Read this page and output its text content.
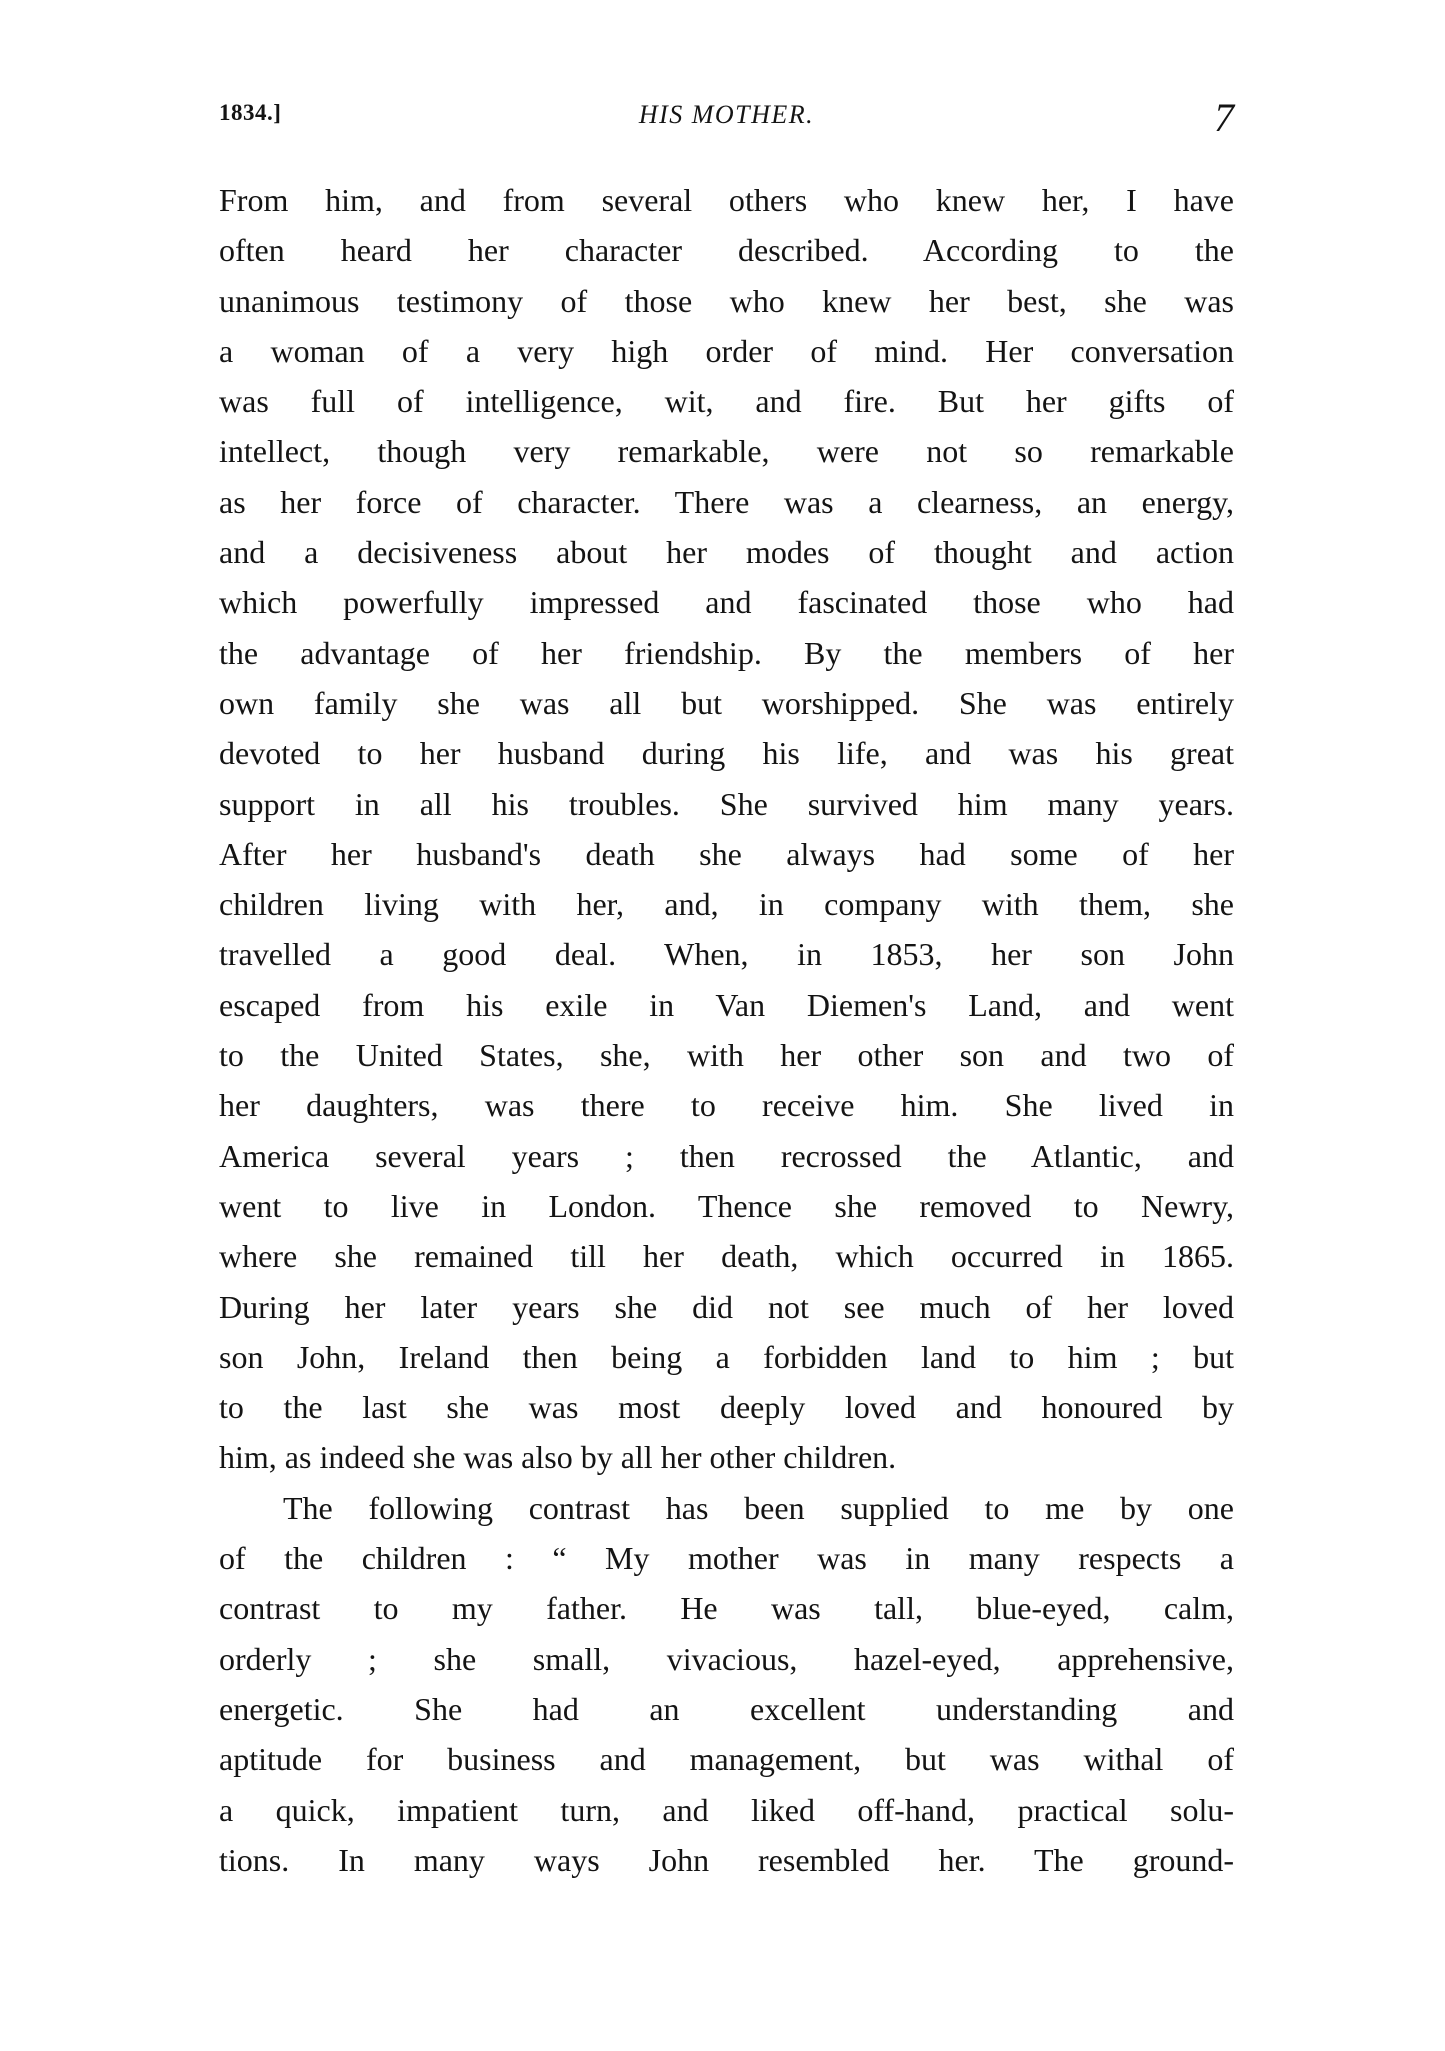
1834.]	HIS MOTHER.	7
From him, and from several others who knew her, I have
often heard her character described. According to the
unanimous testimony of those who knew her best, she was
a woman of a very high order of mind. Her conversation
was full of intelligence, wit, and fire. But her gifts of
intellect, though very remarkable, were not so remarkable
as her force of character. There was a clearness, an energy,
and a decisiveness about her modes of thought and action
which powerfully impressed and fascinated those who had
the advantage of her friendship. By the members of her
own family she was all but worshipped. She was entirely
devoted to her husband during his life, and was his great
support in all his troubles. She survived him many years.
After her husband's death she always had some of her
children living with her, and, in company with them, she
travelled a good deal. When, in 1853, her son John
escaped from his exile in Van Diemen's Land, and went
to the United States, she, with her other son and two of
her daughters, was there to receive him. She lived in
America several years ; then recrossed the Atlantic, and
went to live in London. Thence she removed to Newry,
where she remained till her death, which occurred in 1865.
During her later years she did not see much of her loved
son John, Ireland then being a forbidden land to him ; but
to the last she was most deeply loved and honoured by
him, as indeed she was also by all her other children.
The following contrast has been supplied to me by one
of the children : “ My mother was in many respects a
contrast to my father. He was tall, blue-eyed, calm,
orderly ; she small, vivacious, hazel-eyed, apprehensive,
energetic. She had an excellent understanding and
aptitude for business and management, but was withal of
a quick, impatient turn, and liked off-hand, practical solu-
tions. In many ways John resembled her. The ground-
